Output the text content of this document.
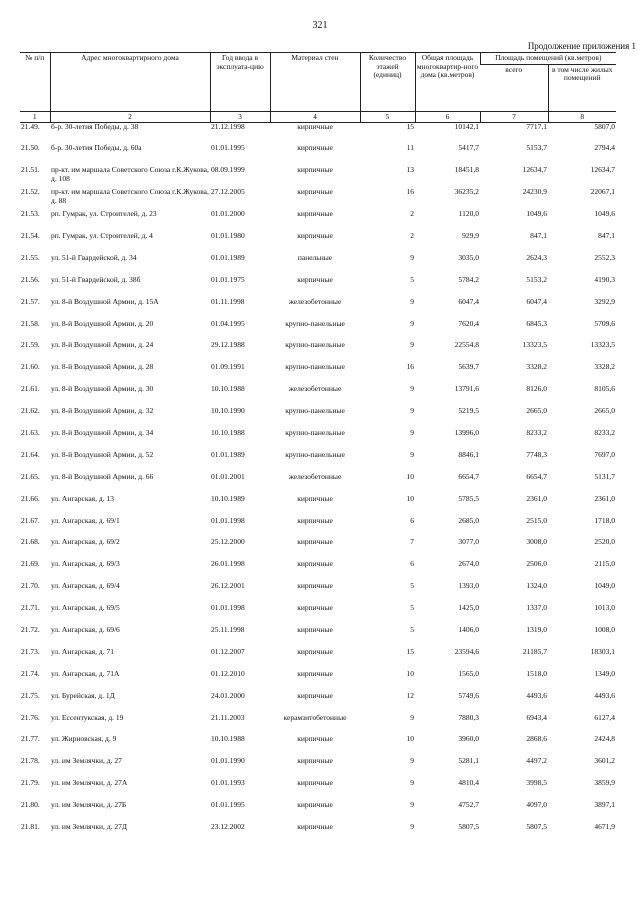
321
Продолжение приложения 1
№ п/п	Адрес многоквартирного дома	Год ввода в эксплуата-цию	Материал стен	Количество этажей (единиц)	Общая площадь многоквартир-ного дома (кв.метров)	Площадь помещений (кв.метров)	
						всего	в том числе жилых помещений
1	2	3	4	5	6	7	8
21.49.	б-р. 30-летия Победы, д. 38	21.12.1998	кирпичные	15	10142,1	7717,1	5807,0
21.50.	б-р. 30-летия Победы, д. 60а	01.01.1995	кирпичные	11	5417,7	5153,7	2794,4
21.51.	пр-кт. им маршала Советского Союза г.К.Жукова, д. 108	08.09.1999	кирпичные	13	18451,8	12634,7	12634,7
21.52.	пр-кт. им маршала Советского Союза г.К.Жукова, д. 88	27.12.2005	кирпичные	16	36235,2	24230,9	22067,1
21.53.	рп. Гумрак, ул. Строителей, д. 23	01.01.2000	кирпичные	2	1120,0	1049,6	1049,6
21.54.	рп. Гумрак, ул. Строителей, д. 4	01.01.1980	кирпичные	2	929,9	847,1	847,1
21.55.	ул. 51-й Гвардейской, д. 34	01.01.1989	панельные	9	3035,0	2624,3	2552,3
21.56.	ул. 51-й Гвардейской, д. 38б	01.01.1975	кирпичные	5	5784,2	5153,2	4190,3
21.57.	ул. 8-й Воздушной Армии, д. 15А	01.11.1998	железобетонные	9	6047,4	6047,4	3292,9
21.58.	ул. 8-й Воздушной Армии, д. 20	01.04.1995	крупно-панельные	9	7620,4	6845,3	5709,6
21.59.	ул. 8-й Воздушной Армии, д. 24	29.12.1988	крупно-панельные	9	22554,8	13323,5	13323,5
21.60.	ул. 8-й Воздушной Армии, д. 28	01.09.1991	крупно-панельные	16	5639,7	3328,2	3328,2
21.61.	ул. 8-й Воздушной Армии, д. 30	10.10.1988	железобетонные	9	13791,6	8126,0	8105,6
21.62.	ул. 8-й Воздушной Армии, д. 32	10.10.1990	крупно-панельные	9	5219,5	2665,0	2665,0
21.63.	ул. 8-й Воздушной Армии, д. 34	10.10.1988	крупно-панельные	9	13996,0	8233,2	8233,2
21.64.	ул. 8-й Воздушной Армии, д. 52	01.01.1989	крупно-панельные	9	8846,1	7748,3	7697,0
21.65.	ул. 8-й Воздушной Армии, д. 66	01.01.2001	железобетонные	10	6654,7	6654,7	5131,7
21.66.	ул. Ангарская, д. 13	10.10.1989	кирпичные	10	5785,5	2361,0	2361,0
21.67.	ул. Ангарская, д. 69/1	01.01.1998	кирпичные	6	2685,0	2515,0	1718,0
21.68.	ул. Ангарская, д. 69/2	25.12.2000	кирпичные	7	3077,0	3008,0	2520,0
21.69.	ул. Ангарская, д. 69/3	26.01.1998	кирпичные	6	2674,0	2506,0	2115,0
21.70.	ул. Ангарская, д. 69/4	26.12.2001	кирпичные	5	1393,0	1324,0	1049,0
21.71.	ул. Ангарская, д. 69/5	01.01.1998	кирпичные	5	1425,0	1337,0	1013,0
21.72.	ул. Ангарская, д. 69/6	25.11.1998	кирпичные	5	1406,0	1319,0	1008,0
21.73.	ул. Ангарская, д. 71	01.12.2007	кирпичные	15	23594,6	21185,7	18303,1
21.74.	ул. Ангарская, д. 71А	01.12.2010	кирпичные	10	1565,0	1518,0	1349,0
21.75.	ул. Бурейская, д. 1Д	24.01.2000	кирпичные	12	5749,6	4493,6	4493,6
21.76.	ул. Ессентукская, д. 19	21.11.2003	керамзитобетонные	9	7880,3	6943,4	6127,4
21.77.	ул. Жирновская, д. 9	10.10.1988	кирпичные	10	3960,0	2868,6	2424,8
21.78.	ул. им Землячки, д. 27	01.01.1990	кирпичные	9	5281,1	4497,2	3601,2
21.79.	ул. им Землячки, д. 27А	01.01.1993	кирпичные	9	4810,4	3998,5	3859,9
21.80.	ул. им Землячки, д. 27Б	01.01.1995	кирпичные	9	4752,7	4097,0	3897,1
21.81.	ул. им Землячки, д. 27Д	23.12.2002	кирпичные	9	5807,5	5807,5	4671,9
